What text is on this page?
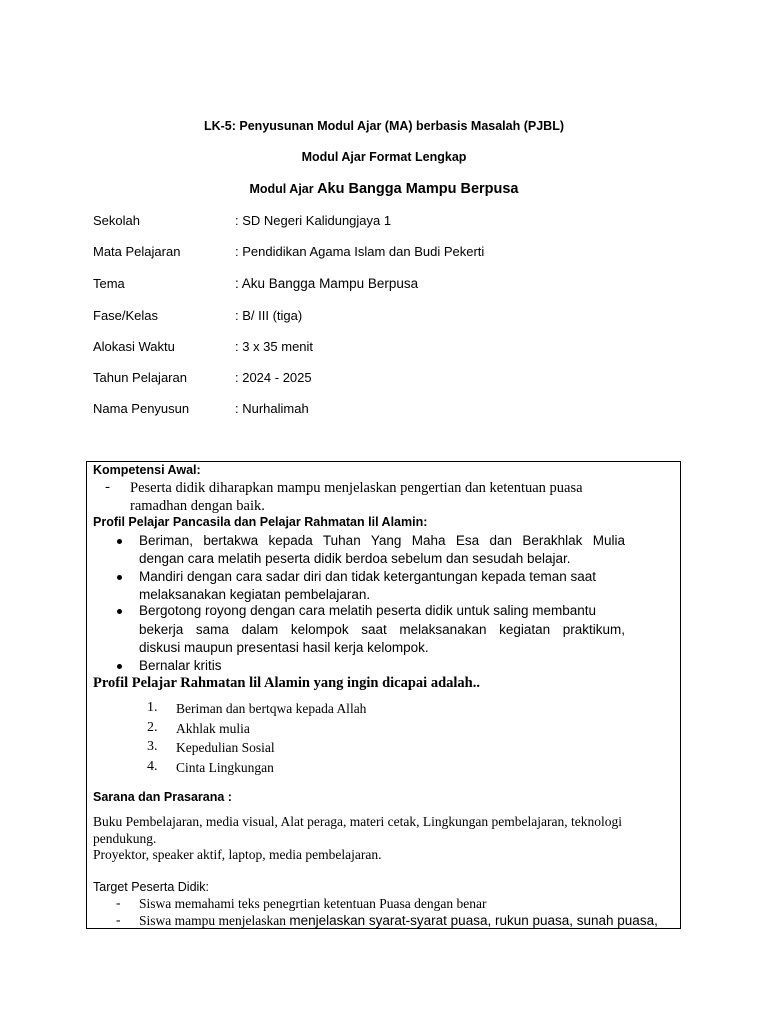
LK-5: Penyusunan Modul Ajar (MA) berbasis Masalah (PJBL)
Modul Ajar Format Lengkap
Modul Ajar Aku Bangga Mampu Berpusa
Sekolah	: SD Negeri Kalidungjaya 1
Mata Pelajaran	: Pendidikan Agama Islam dan Budi Pekerti
Tema	: Aku Bangga Mampu Berpusa
Fase/Kelas	: B/ III (tiga)
Alokasi Waktu	: 3 x 35 menit
Tahun Pelajaran	: 2024 - 2025
Nama Penyusun	: Nurhalimah
Kompetensi Awal:
- Peserta didik diharapkan mampu menjelaskan pengertian dan ketentuan puasa
ramadhan dengan baik.
Profil Pelajar Pancasila dan Pelajar Rahmatan lil Alamin:
Beriman, bertakwa kepada Tuhan Yang Maha Esa dan Berakhlak Mulia
dengan cara melatih peserta didik berdoa sebelum dan sesudah belajar.
Mandiri dengan cara sadar diri dan tidak ketergantungan kepada teman saat
melaksanakan kegiatan pembelajaran.
Bergotong royong dengan cara melatih peserta didik untuk saling membantu
bekerja sama dalam kelompok saat melaksanakan kegiatan praktikum,
diskusi maupun presentasi hasil kerja kelompok.
Bernalar kritis
Profil Pelajar Rahmatan lil Alamin yang ingin dicapai adalah..
1. Beriman dan bertqwa kepada Allah
2. Akhlak mulia
3. Kepedulian Sosial
4. Cinta Lingkungan
Sarana dan Prasarana :
Buku Pembelajaran, media visual, Alat peraga, materi cetak, Lingkungan pembelajaran, teknologi
pendukung.
Proyektor, speaker aktif, laptop, media pembelajaran.
Target Peserta Didik:
- Siswa memahami teks penegrtian ketentuan Puasa dengan benar
- Siswa mampu menjelaskan menjelaskan syarat-syarat puasa, rukun puasa, sunah puasa,
